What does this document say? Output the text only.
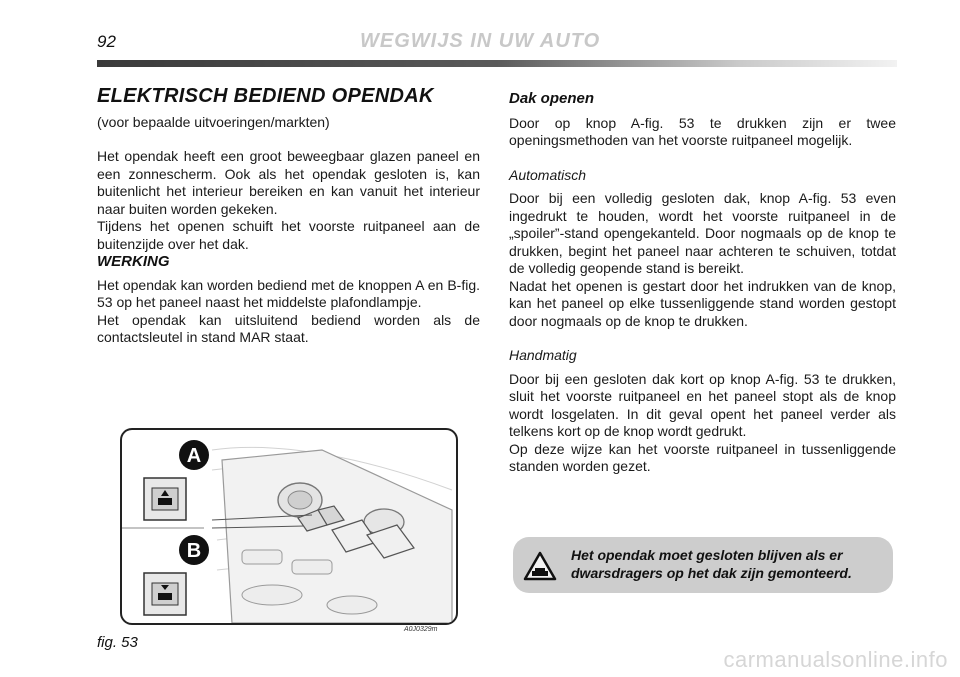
92	WEGWIJS IN UW AUTO
ELEKTRISCH BEDIEND OPENDAK

(voor bepaalde uitvoeringen/markten)

Het opendak heeft een groot beweegbaar glazen paneel en een zonnescherm. Ook als het opendak gesloten is, kan buitenlicht het interieur bereiken en kan vanuit het interieur naar buiten worden gekeken.

Tijdens het openen schuift het voorste ruitpaneel aan de buitenzijde over het dak.

WERKING

Het opendak kan worden bediend met de knoppen A en B-fig. 53 op het paneel naast het middelste plafondlampje.

Het opendak kan uitsluitend bediend worden als de contactsleutel in stand MAR staat.

Dak openen

Door op knop A-fig. 53 te drukken zijn er twee openingsmethoden van het voorste ruitpaneel mogelijk.

Automatisch

Door bij een volledig gesloten dak, knop A-fig. 53 even ingedrukt te houden, wordt het voorste ruitpaneel in de „spoiler”-stand opengekanteld. Door nogmaals op de knop te drukken, begint het paneel naar achteren te schuiven, totdat de volledig geopende stand is bereikt.

Nadat het openen is gestart door het indrukken van de knop, kan het paneel op elke tussenliggende stand worden gestopt door nogmaals op de knop te drukken.

Handmatig

Door bij een gesloten dak kort op knop A-fig. 53 te drukken, sluit het voorste ruitpaneel en het paneel stopt als de knop wordt losgelaten. In dit geval opent het paneel verder als telkens kort op de knop wordt gedrukt.

Op deze wijze kan het voorste ruitpaneel in tussenliggende standen worden gezet.

A
B
fig. 53
A0J0329m
Het opendak moet gesloten blijven als er dwarsdragers op het dak zijn gemonteerd.
carmanualsonline.info
